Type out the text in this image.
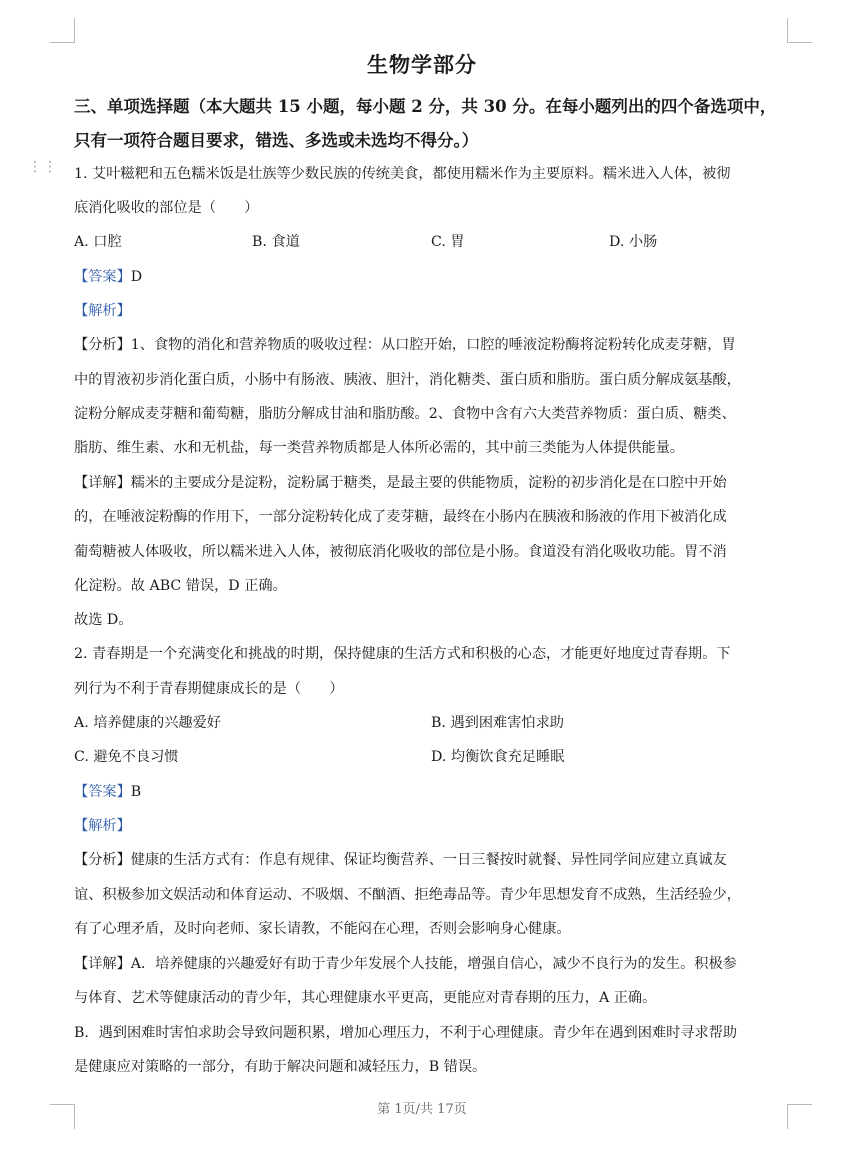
生物学部分
三、单项选择题（本大题共 15 小题，每小题 2 分，共 30 分。在每小题列出的四个备选项中，
只有一项符合题目要求，错选、多选或未选均不得分。）
⋮⋮ 1. 艾叶糍粑和五色糯米饭是壮族等少数民族的传统美食，都使用糯米作为主要原料。糯米进入人体，被彻
底消化吸收的部位是（　　）
A. 口腔	B. 食道	C. 胃	D. 小肠
【答案】D
【解析】
【分析】1、食物的消化和营养物质的吸收过程：从口腔开始，口腔的唾液淀粉酶将淀粉转化成麦芽糖，胃
中的胃液初步消化蛋白质，小肠中有肠液、胰液、胆汁，消化糖类、蛋白质和脂肪。蛋白质分解成氨基酸，
淀粉分解成麦芽糖和葡萄糖，脂肪分解成甘油和脂肪酸。2、食物中含有六大类营养物质：蛋白质、糖类、
脂肪、维生素、水和无机盐，每一类营养物质都是人体所必需的，其中前三类能为人体提供能量。
【详解】糯米的主要成分是淀粉，淀粉属于糖类，是最主要的供能物质，淀粉的初步消化是在口腔中开始
的，在唾液淀粉酶的作用下，一部分淀粉转化成了麦芽糖，最终在小肠内在胰液和肠液的作用下被消化成
葡萄糖被人体吸收，所以糯米进入人体，被彻底消化吸收的部位是小肠。食道没有消化吸收功能。胃不消
化淀粉。故 ABC 错误，D 正确。
故选 D。
2. 青春期是一个充满变化和挑战的时期，保持健康的生活方式和积极的心态，才能更好地度过青春期。下
列行为不利于青春期健康成长的是（　　）
A. 培养健康的兴趣爱好	B. 遇到困难害怕求助
C. 避免不良习惯	D. 均衡饮食充足睡眠
【答案】B
【解析】
【分析】健康的生活方式有：作息有规律、保证均衡营养、一日三餐按时就餐、异性同学间应建立真诚友
谊、积极参加文娱活动和体育运动、不吸烟、不酗酒、拒绝毒品等。青少年思想发育不成熟，生活经验少，
有了心理矛盾，及时向老师、家长请教，不能闷在心理，否则会影响身心健康。
【详解】A．培养健康的兴趣爱好有助于青少年发展个人技能，增强自信心，减少不良行为的发生。积极参
与体育、艺术等健康活动的青少年，其心理健康水平更高，更能应对青春期的压力，A 正确。
B．遇到困难时害怕求助会导致问题积累，增加心理压力，不利于心理健康。青少年在遇到困难时寻求帮助
是健康应对策略的一部分，有助于解决问题和减轻压力，B 错误。
第 1页/共 17页
